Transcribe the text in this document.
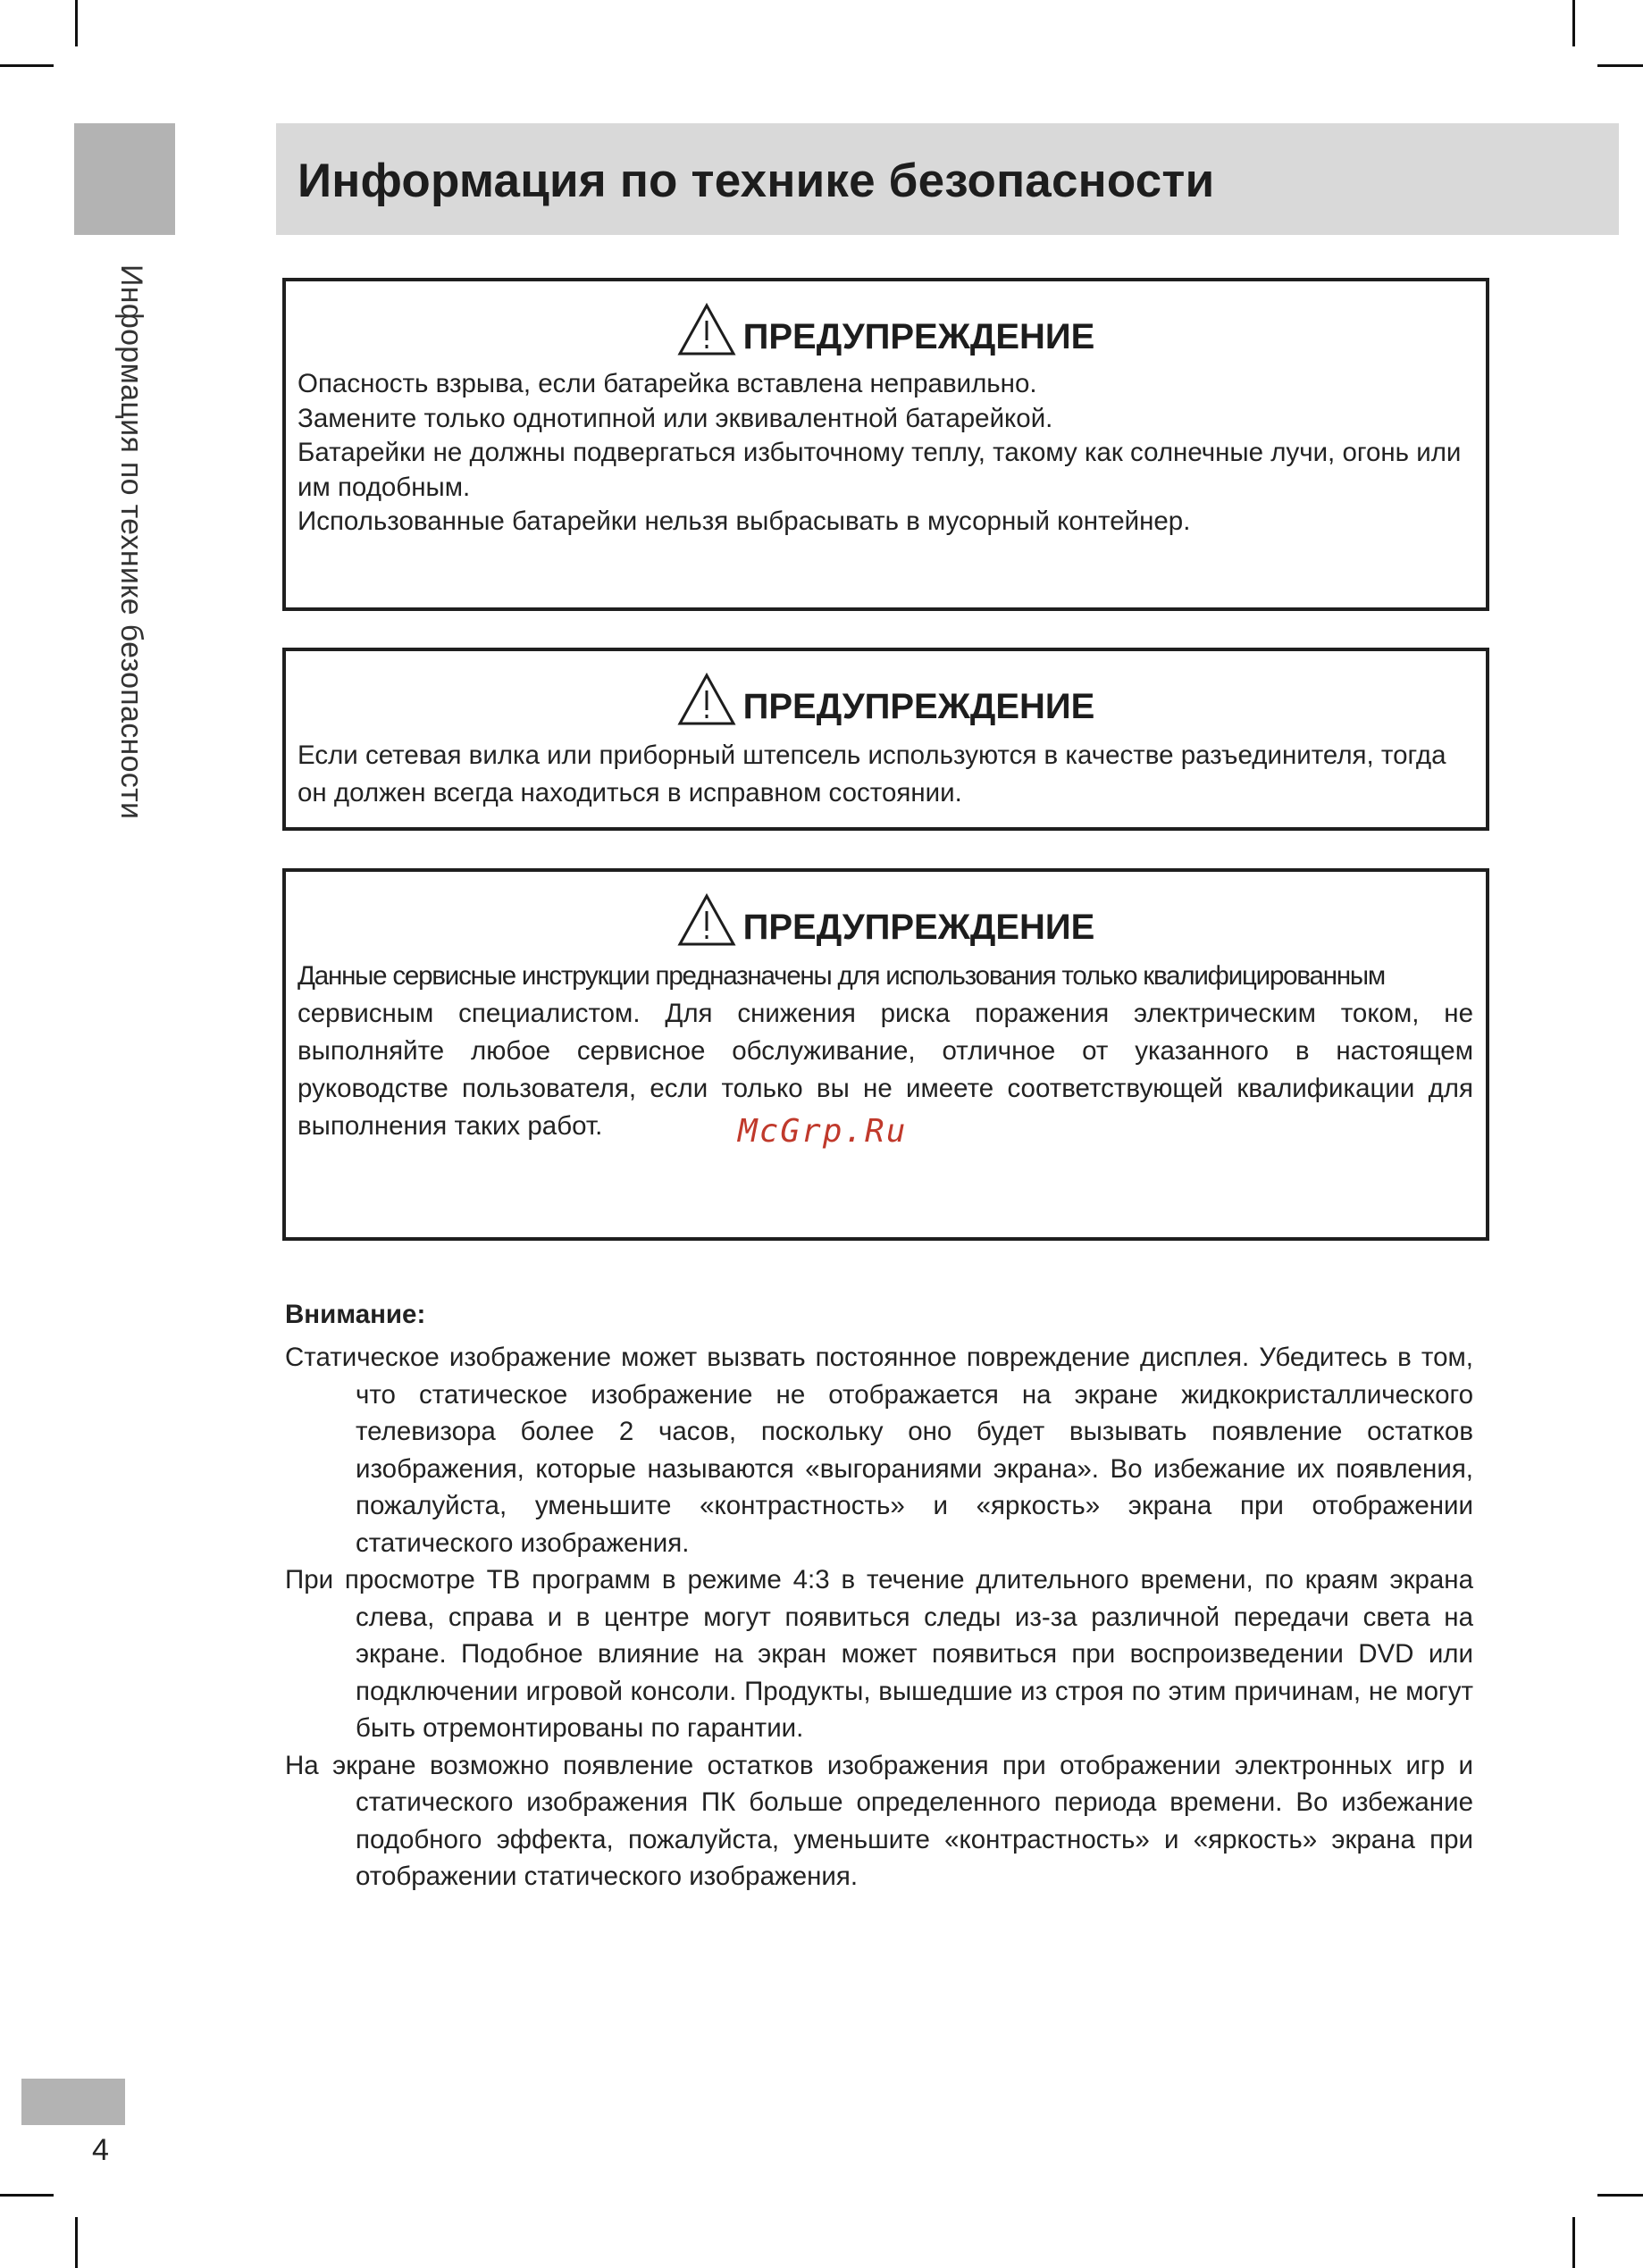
Информация по технике безопасности
Информация по технике безопасности
ПРЕДУПРЕЖДЕНИЕ

Опасность взрыва, если батарейка вставлена неправильно.

Замените только однотипной или эквивалентной батарейкой.

Батарейки не должны подвергаться избыточному теплу, такому как солнечные лучи, огонь или им подобным.

Использованные батарейки нельзя выбрасывать в мусорный контейнер.

ПРЕДУПРЕЖДЕНИЕ

Если сетевая вилка или приборный штепсель используются в качестве разъединителя, тогда он должен всегда находиться в исправном состоянии.

ПРЕДУПРЕЖДЕНИЕ
Данные сервисные инструкции предназначены для использования только квалифицированным
сервисным специалистом. Для снижения риска поражения электрическим током, не выполняйте любое сервисное обслуживание, отличное от указанного в настоящем руководстве пользователя, если только вы не имеете соответствующей квалификации для выполнения таких работ.	McGrp.Ru
Внимание:

Статическое изображение может вызвать постоянное повреждение дисплея. Убедитесь в том, что статическое изображение не отображается на экране жидкокристаллического телевизора более 2 часов, поскольку оно будет вызывать появление остатков изображения, которые называются «выгораниями экрана». Во избежание их появления, пожалуйста, уменьшите «контрастность» и «яркость» экрана при отображении статического изображения.

При просмотре ТВ программ в режиме 4:3 в течение длительного времени, по краям экрана слева, справа и в центре могут появиться следы из-за различной передачи света на экране. Подобное влияние на экран может появиться при воспроизведении DVD или подключении игровой консоли. Продукты, вышедшие из строя по этим причинам, не могут быть отремонтированы по гарантии.

На экране возможно появление остатков изображения при отображении электронных игр и статического изображения ПК больше определенного периода времени. Во избежание подобного эффекта, пожалуйста, уменьшите «контрастность» и «яркость» экрана при отображении статического изображения.

4
